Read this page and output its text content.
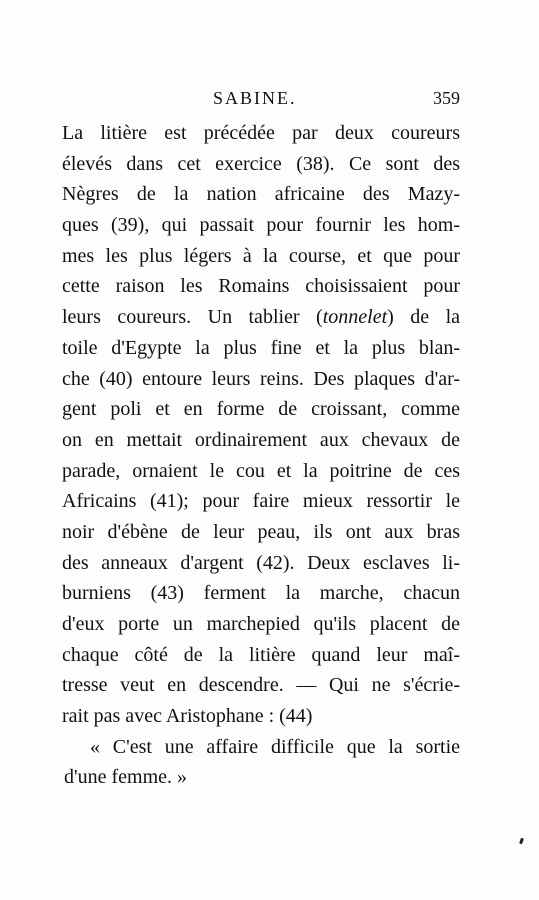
SABINE.	359
La litière est précédée par deux coureurs
élevés dans cet exercice (38). Ce sont des
Nègres de la nation africaine des Mazy-
ques (39), qui passait pour fournir les hom-
mes les plus légers à la course, et que pour
cette raison les Romains choisissaient pour
leurs coureurs. Un tablier (tonnelet) de la
toile d'Egypte la plus fine et la plus blan-
che (40) entoure leurs reins. Des plaques d'ar-
gent poli et en forme de croissant, comme
on en mettait ordinairement aux chevaux de
parade, ornaient le cou et la poitrine de ces
Africains (41); pour faire mieux ressortir le
noir d'ébène de leur peau, ils ont aux bras
des anneaux d'argent (42). Deux esclaves li-
burniens (43) ferment la marche, chacun
d'eux porte un marchepied qu'ils placent de
chaque côté de la litière quand leur maî-
tresse veut en descendre. — Qui ne s'écrie-
rait pas avec Aristophane : (44)
« C'est une affaire difficile que la sortie
d'une femme. »
